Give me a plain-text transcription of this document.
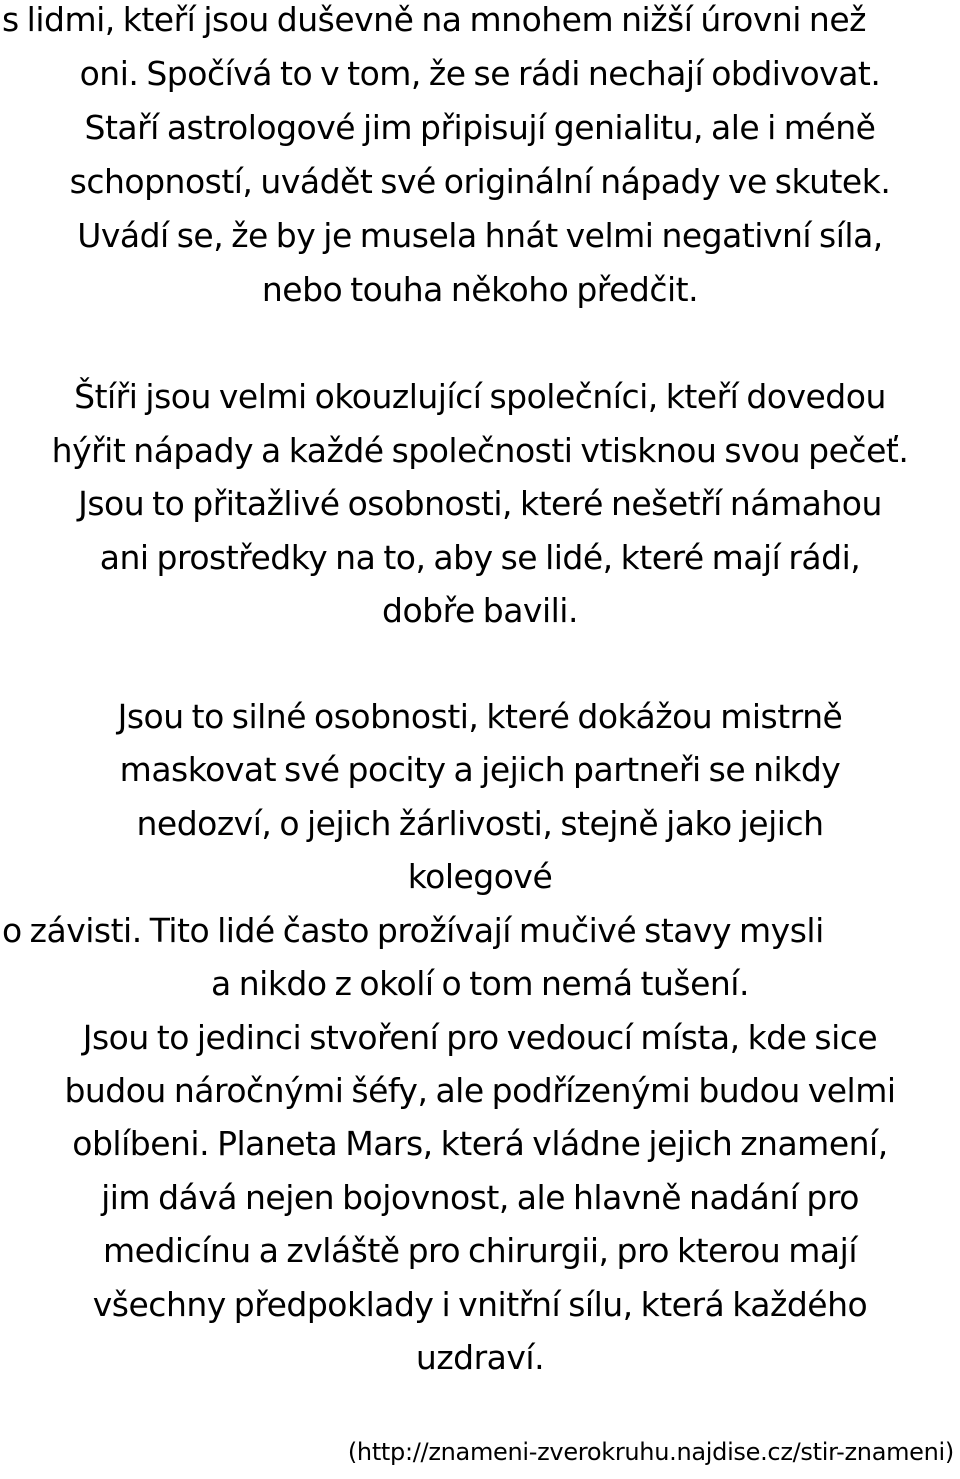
s lidmi, kteří jsou duševně na mnohem nižší úrovni než
oni. Spočívá to v tom, že se rádi nechají obdivovat.
Staří astrologové jim připisují genialitu, ale i méně
schopností, uvádět své originální nápady ve skutek.
Uvádí se, že by je musela hnát velmi negativní síla,
nebo touha někoho předčit.
Štíři jsou velmi okouzlující společníci, kteří dovedou
hýřit nápady a každé společnosti vtisknou svou pečeť.
Jsou to přitažlivé osobnosti, které nešetří námahou
ani prostředky na to, aby se lidé, které mají rádi,
dobře bavili.
Jsou to silné osobnosti, které dokážou mistrně
maskovat své pocity a jejich partneři se nikdy
nedozví, o jejich žárlivosti, stejně jako jejich
kolegové
o závisti. Tito lidé často prožívají mučivé stavy mysli
a nikdo z okolí o tom nemá tušení.
Jsou to jedinci stvoření pro vedoucí místa, kde sice
budou náročnými šéfy, ale podřízenými budou velmi
oblíbeni. Planeta Mars, která vládne jejich znamení,
jim dává nejen bojovnost, ale hlavně nadání pro
medicínu a zvláště pro chirurgii, pro kterou mají
všechny předpoklady i vnitřní sílu, která každého
uzdraví.
(http://znameni-zverokruhu.najdise.cz/stir-znameni)
